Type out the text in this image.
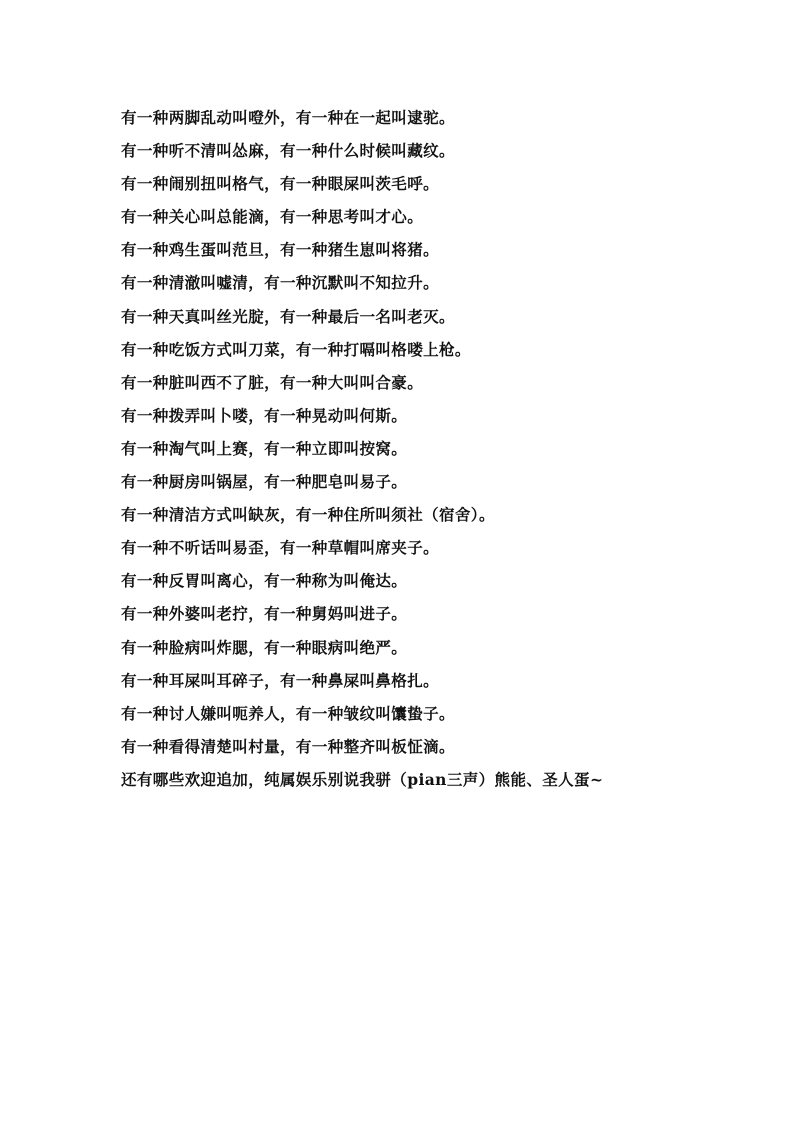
有一种两脚乱动叫噔外，有一种在一起叫逮驼。
有一种听不清叫怂麻，有一种什么时候叫藏纹。
有一种闹别扭叫格气，有一种眼屎叫茨毛呼。
有一种关心叫总能滴，有一种思考叫才心。
有一种鸡生蛋叫范旦，有一种猪生崽叫将猪。
有一种清澈叫嘘清，有一种沉默叫不知拉升。
有一种天真叫丝光腚，有一种最后一名叫老灭。
有一种吃饭方式叫刀菜，有一种打嗝叫格喽上枪。
有一种脏叫西不了脏，有一种大叫叫合豪。
有一种拨弄叫卜喽，有一种晃动叫何斯。
有一种淘气叫上赛，有一种立即叫按窝。
有一种厨房叫锅屋，有一种肥皂叫易子。
有一种清洁方式叫缺灰，有一种住所叫须社（宿舍）。
有一种不听话叫易歪，有一种草帽叫席夹子。
有一种反胃叫离心，有一种称为叫俺达。
有一种外婆叫老拧，有一种舅妈叫进子。
有一种脸病叫炸腮，有一种眼病叫绝严。
有一种耳屎叫耳碎子，有一种鼻屎叫鼻格扎。
有一种讨人嫌叫呃养人，有一种皱纹叫馕蛰子。
有一种看得清楚叫村量，有一种整齐叫板怔滴。
还有哪些欢迎追加，纯属娱乐别说我骈（pian三声）熊能、圣人蛋~
